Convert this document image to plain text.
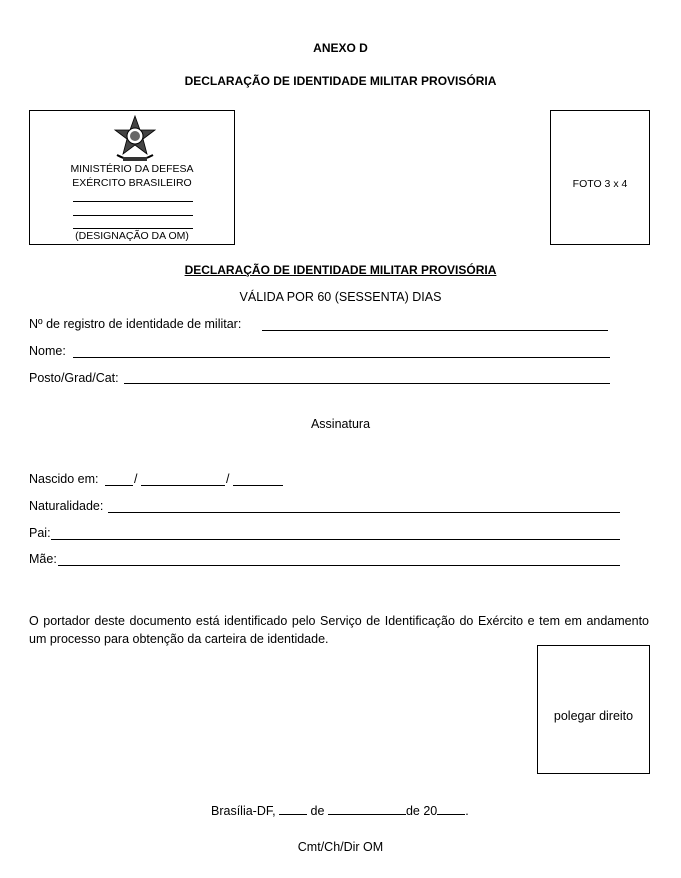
ANEXO D
DECLARAÇÃO DE IDENTIDADE MILITAR PROVISÓRIA
MINISTÉRIO DA DEFESA
EXÉRCITO BRASILEIRO
(DESIGNAÇÃO DA OM)
FOTO 3 x 4
DECLARAÇÃO DE IDENTIDADE MILITAR PROVISÓRIA
VÁLIDA POR 60 (SESSENTA) DIAS
Nº de registro de identidade de militar:
Nome:
Posto/Grad/Cat:
Assinatura
Nascido em:	/	/
Naturalidade:
Pai:
Mãe:
O portador deste documento está identificado pelo Serviço de Identificação do Exército e tem em andamento um processo para obtenção da carteira de identidade.
polegar direito
Brasília-DF,  de	de 20 .
Cmt/Ch/Dir OM
